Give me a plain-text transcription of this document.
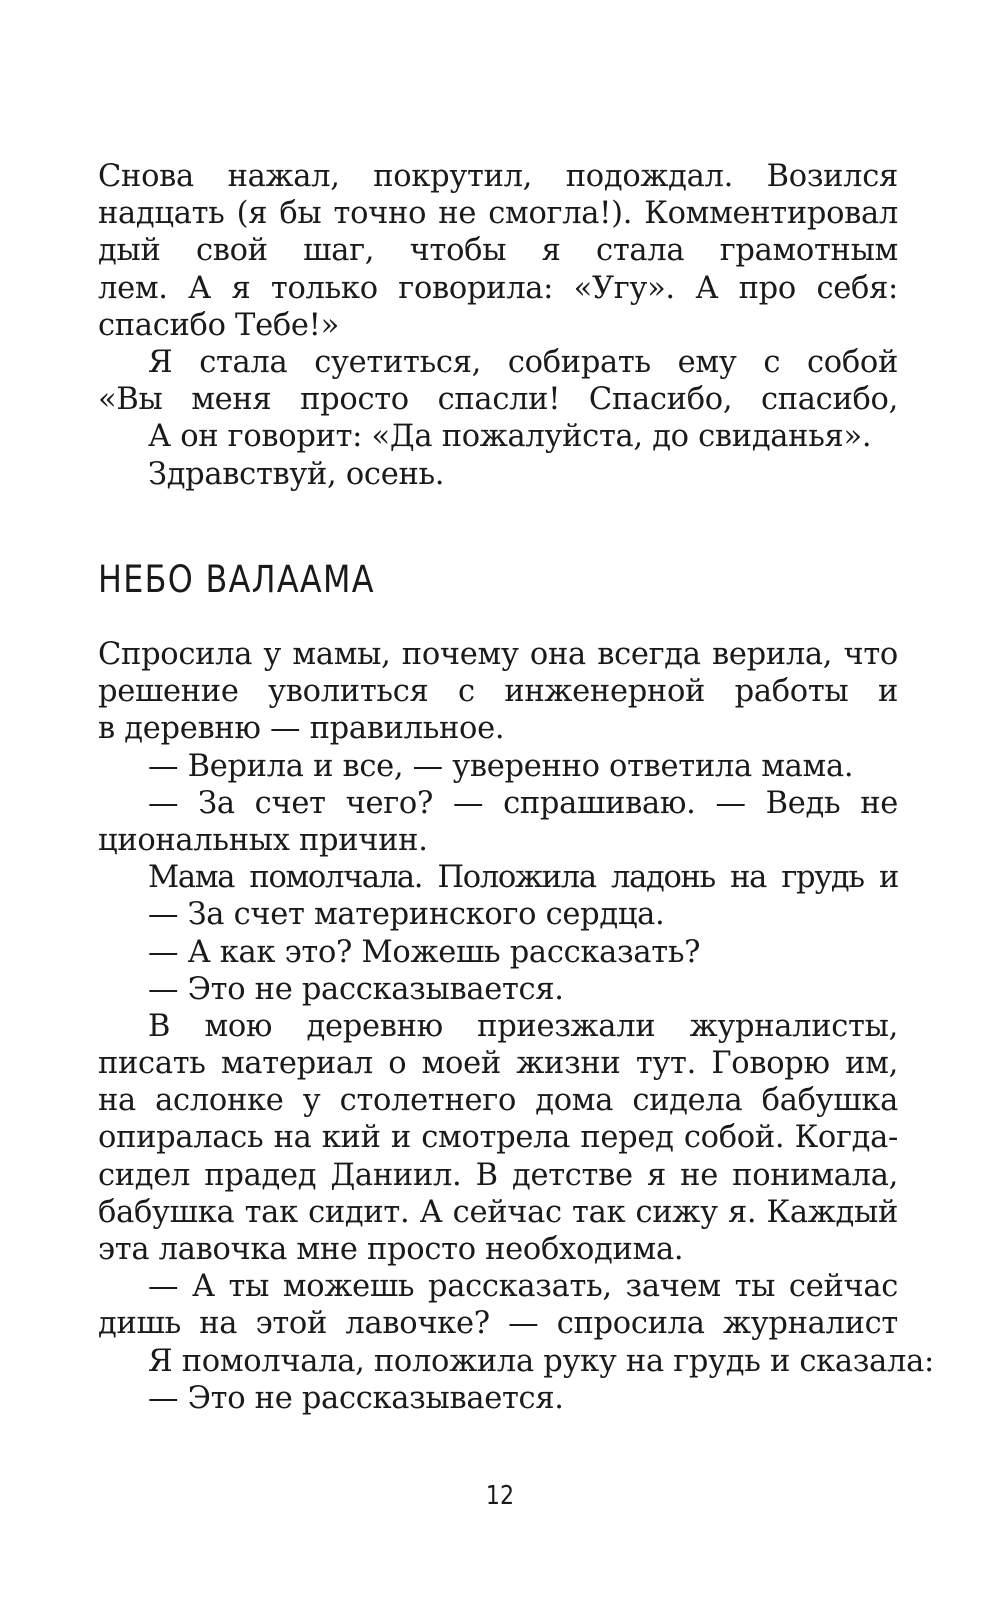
Снова нажал, покрутил, подождал. Возился
надцать (я бы точно не смогла!). Комментировал
дый свой шаг, чтобы я стала грамотным
лем. А я только говорила: «Угу». А про себя:
спасибо Тебе!»
Я стала суетиться, собирать ему с собой
«Вы меня просто спасли! Спасибо, спасибо,
А он говорит: «Да пожалуйста, до свиданья».
Здравствуй, осень.
НЕБО ВАЛААМА
Спросила у мамы, почему она всегда верила, что
решение уволиться с инженерной работы и
в деревню — правильное.
— Верила и все, — уверенно ответила мама.
— За счет чего? — спрашиваю. — Ведь не
циональных причин.
Мама помолчала. Положила ладонь на грудь и
— За счет материнского сердца.
— А как это? Можешь рассказать?
— Это не рассказывается.
В мою деревню приезжали журналисты,
писать материал о моей жизни тут. Говорю им,
на аслонке у столетнего дома сидела бабушка
опиралась на кий и смотрела перед собой. Когда-
сидел прадед Даниил. В детстве я не понимала,
бабушка так сидит. А сейчас так сижу я. Каждый
эта лавочка мне просто необходима.
— А ты можешь рассказать, зачем ты сейчас
дишь на этой лавочке? — спросила журналист
Я помолчала, положила руку на грудь и сказала:
— Это не рассказывается.
12
